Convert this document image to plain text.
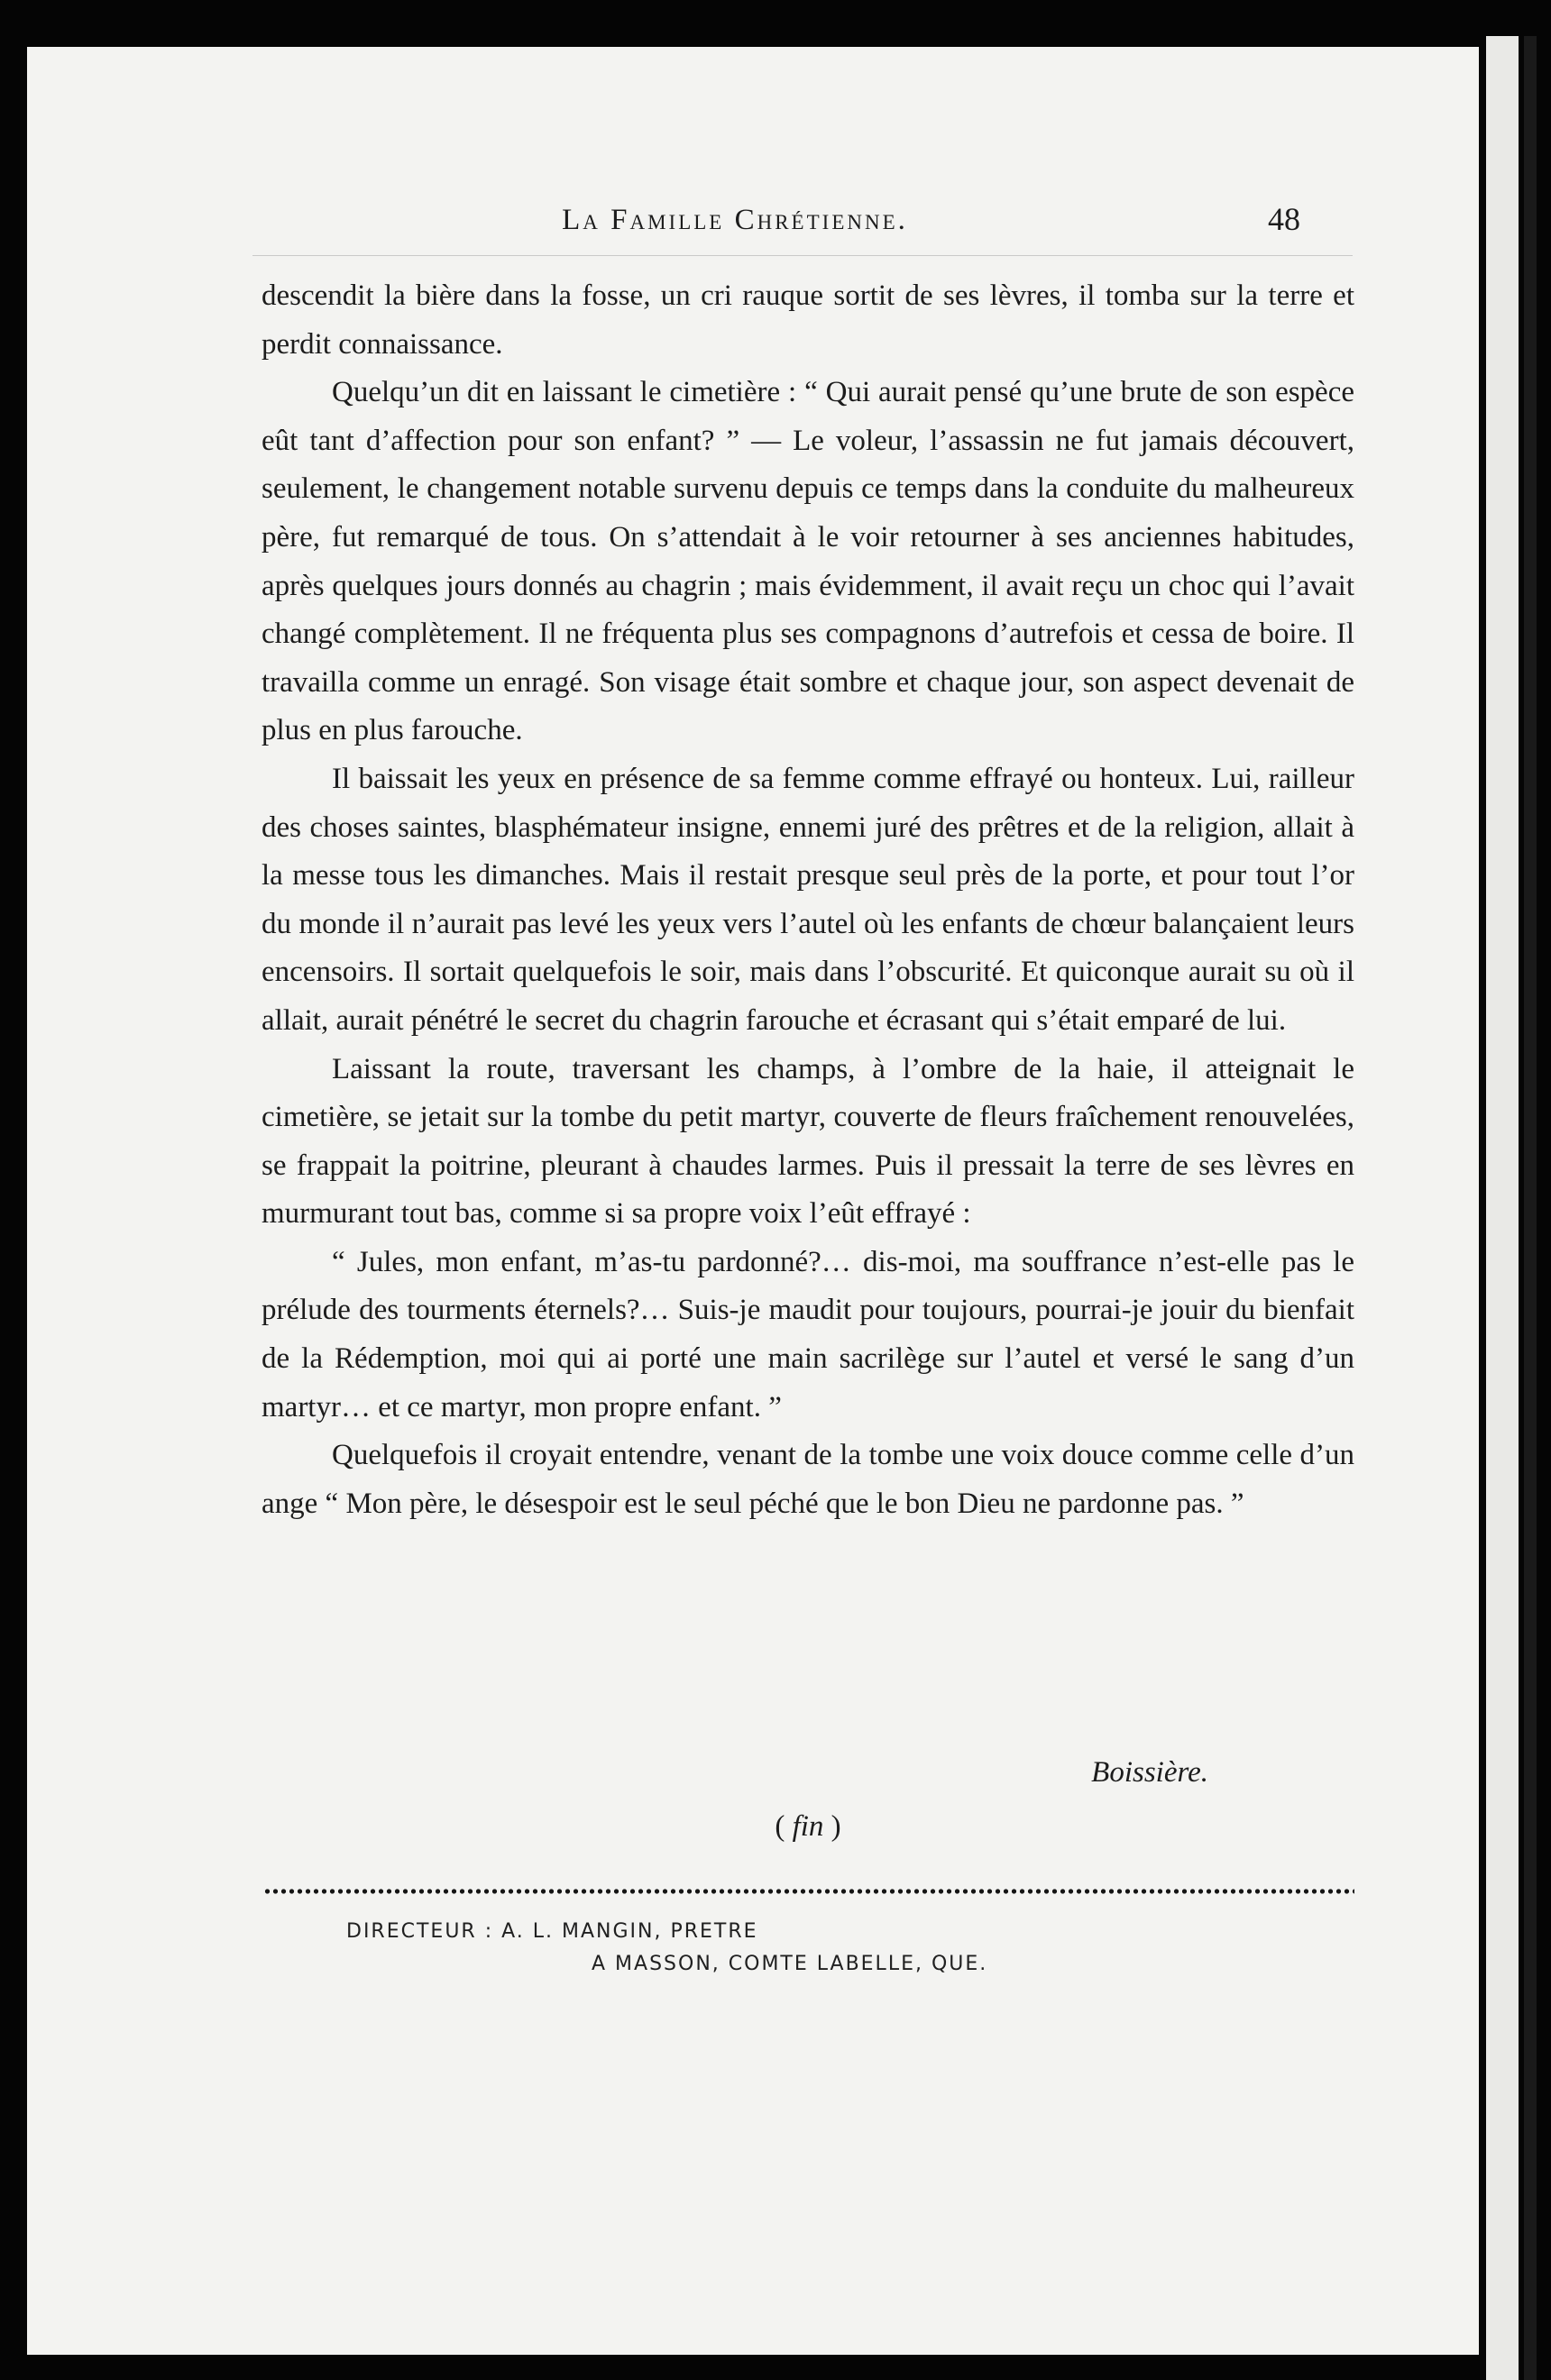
La Famille Chrétienne.	48

descendit la bière dans la fosse, un cri rauque sortit de ses lèvres, il tomba sur la terre et perdit connaissance.

Quelqu’un dit en laissant le cimetière : “ Qui aurait pensé qu’une brute de son espèce eût tant d’affection pour son enfant? ” — Le voleur, l’assassin ne fut jamais découvert, seulement, le changement notable survenu depuis ce temps dans la conduite du malheureux père, fut remarqué de tous. On s’attendait à le voir retourner à ses anciennes habitudes, après quelques jours donnés au chagrin ; mais évidemment, il avait reçu un choc qui l’avait changé complètement. Il ne fréquenta plus ses compagnons d’autrefois et cessa de boire. Il travailla comme un enragé. Son visage était sombre et chaque jour, son aspect devenait de plus en plus farouche.

Il baissait les yeux en présence de sa femme comme effrayé ou honteux. Lui, railleur des choses saintes, blasphémateur insigne, ennemi juré des prêtres et de la religion, allait à la messe tous les dimanches. Mais il restait presque seul près de la porte, et pour tout l’or du monde il n’aurait pas levé les yeux vers l’autel où les enfants de chœur balançaient leurs encensoirs. Il sortait quelquefois le soir, mais dans l’obscurité. Et quiconque aurait su où il allait, aurait pénétré le secret du chagrin farouche et écrasant qui s’était emparé de lui.

Laissant la route, traversant les champs, à l’ombre de la haie, il atteignait le cimetière, se jetait sur la tombe du petit martyr, couverte de fleurs fraîchement renouvelées, se frappait la poitrine, pleurant à chaudes larmes. Puis il pressait la terre de ses lèvres en murmurant tout bas, comme si sa propre voix l’eût effrayé :

“ Jules, mon enfant, m’as-tu pardonné?… dis-moi, ma souffrance n’est-elle pas le prélude des tourments éternels?… Suis-je maudit pour toujours, pourrai-je jouir du bienfait de la Rédemption, moi qui ai porté une main sacrilège sur l’autel et versé le sang d’un martyr… et ce martyr, mon propre enfant. ”

Quelquefois il croyait entendre, venant de la tombe une voix douce comme celle d’un ange “ Mon père, le désespoir est le seul péché que le bon Dieu ne pardonne pas. ”

Boissière.
( fin )
DIRECTEUR : A. L. MANGIN, PRETRE
A MASSON, COMTE LABELLE, QUE.
